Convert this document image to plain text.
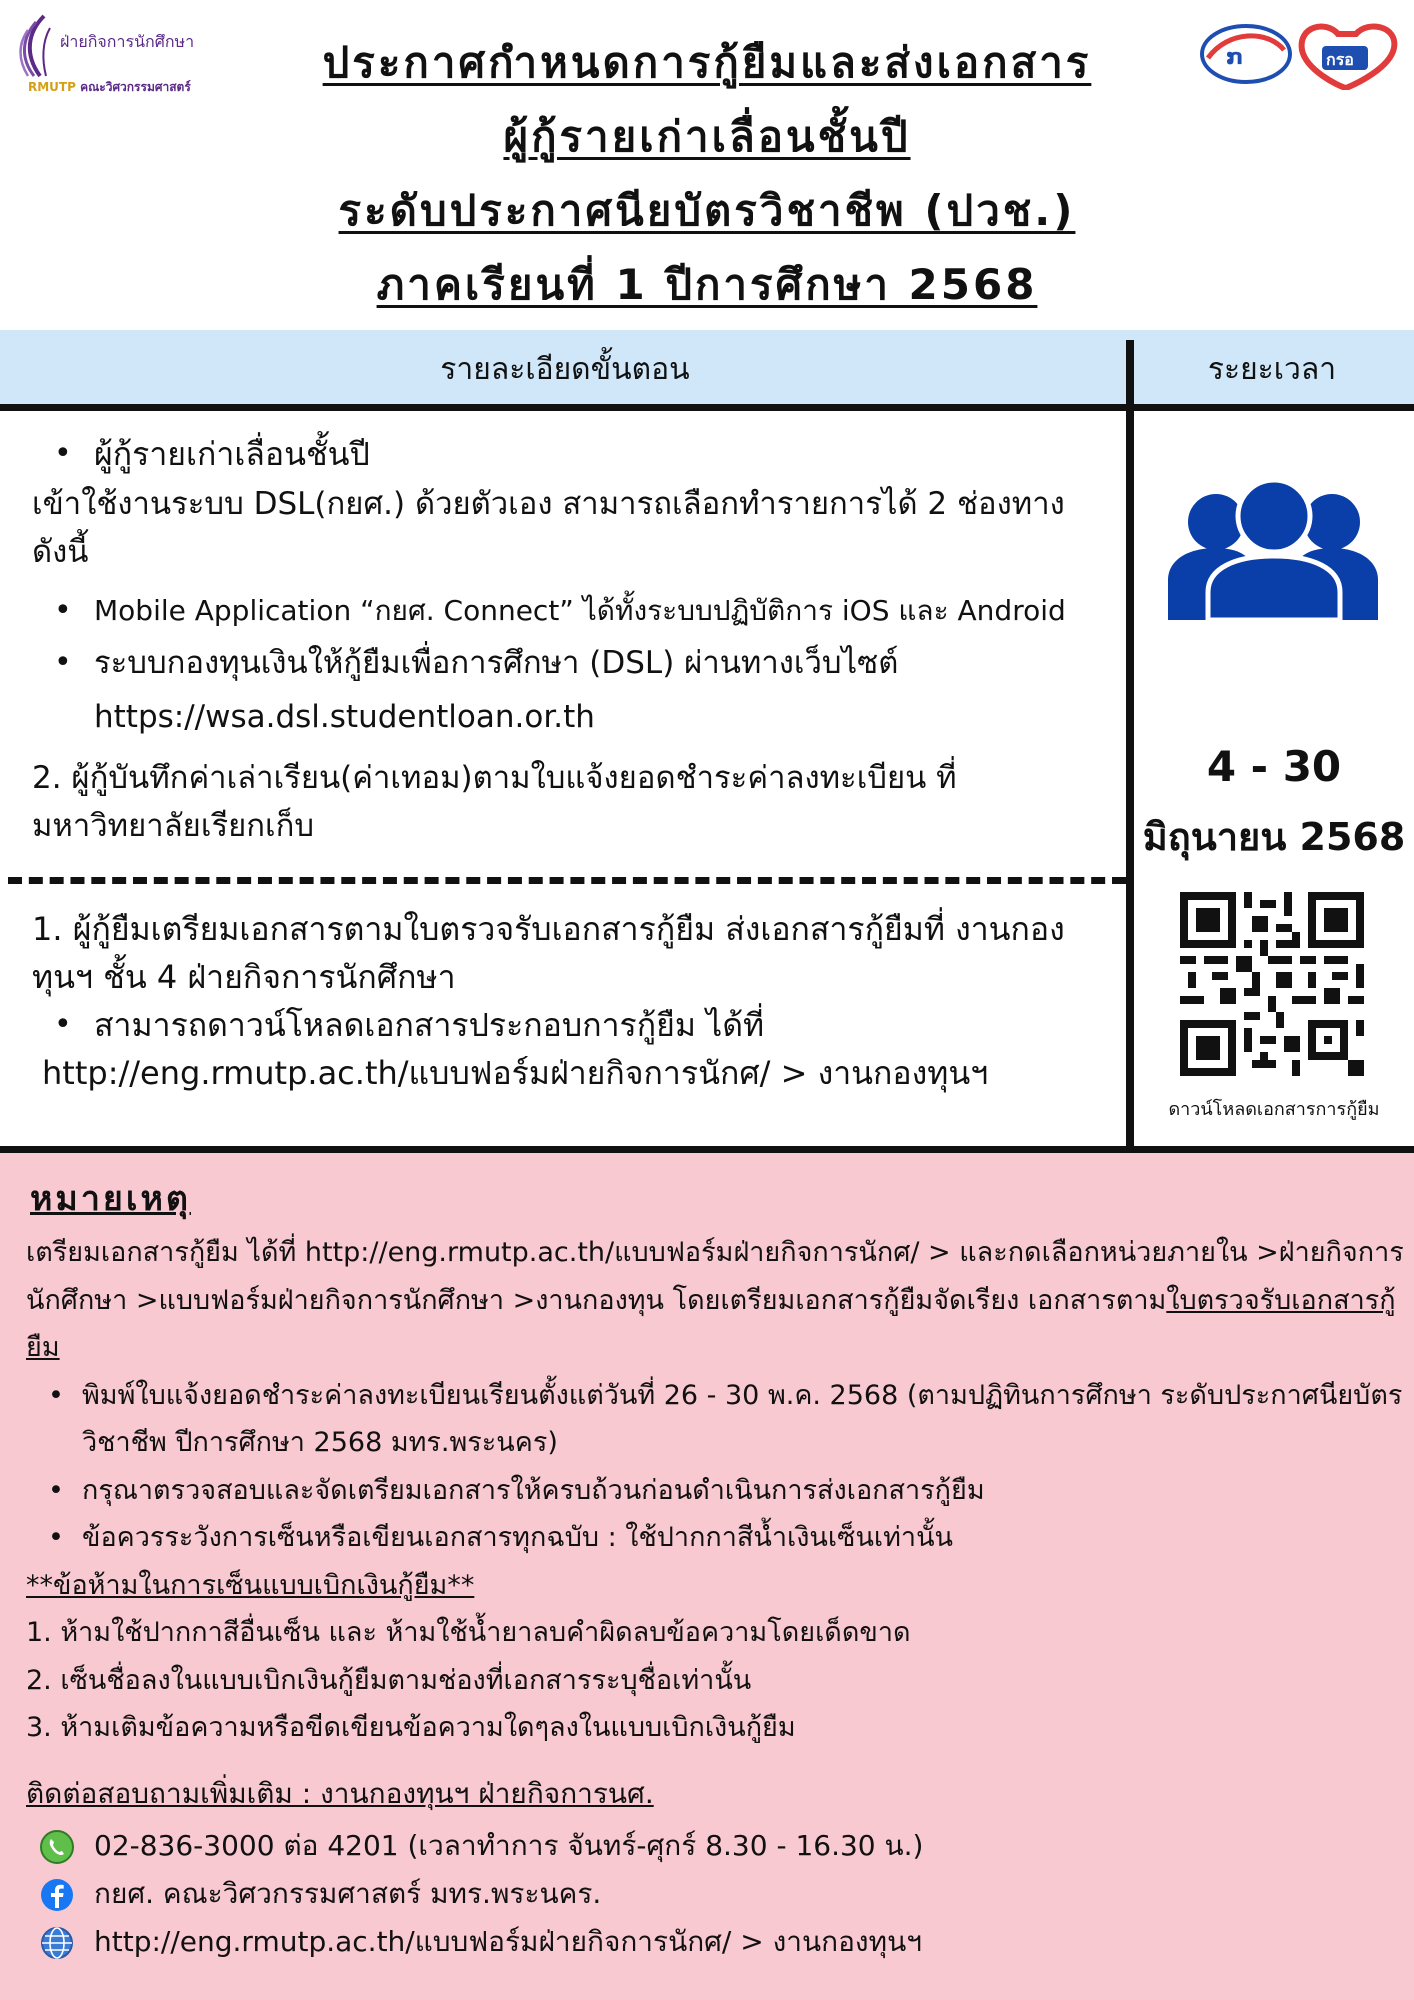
ฝ่ายกิจการนักศึกษา
RMUTP คณะวิศวกรรมศาสตร์	ประกาศกำหนดการกู้ยืมและส่งเอกสาร
ผู้กู้รายเก่าเลื่อนชั้นปี
ระดับประกาศนียบัตรวิชาชีพ (ปวช.)
ภาคเรียนที่ 1 ปีการศึกษา 2568
ກ	กรอ
รายละเอียดขั้นตอน	ระยะเวลา
• ผู้กู้รายเก่าเลื่อนชั้นปี

เข้าใช้งานระบบ DSL(กยศ.) ด้วยตัวเอง สามารถเลือกทำรายการได้ 2 ช่องทาง ดังนี้

• Mobile Application “กยศ. Connect” ได้ทั้งระบบปฏิบัติการ iOS และ Android
• ระบบกองทุนเงินให้กู้ยืมเพื่อการศึกษา (DSL) ผ่านทางเว็บไซต์
https://wsa.dsl.studentloan.or.th

2. ผู้กู้บันทึกค่าเล่าเรียน(ค่าเทอม)ตามใบแจ้งยอดชำระค่าลงทะเบียน ที่มหาวิทยาลัยเรียกเก็บ

1. ผู้กู้ยืมเตรียมเอกสารตามใบตรวจรับเอกสารกู้ยืม ส่งเอกสารกู้ยืมที่ งานกองทุนฯ ชั้น 4 ฝ่ายกิจการนักศึกษา

• สามารถดาวน์โหลดเอกสารประกอบการกู้ยืม ได้ที่
http://eng.rmutp.ac.th/แบบฟอร์มฝ่ายกิจการนักศ/ > งานกองทุนฯ
4 - 30
มิถุนายน 2568
ดาวน์โหลดเอกสารการกู้ยืม
หมายเหตุ
เตรียมเอกสารกู้ยืม ได้ที่ http://eng.rmutp.ac.th/แบบฟอร์มฝ่ายกิจการนักศ/ > และกดเลือกหน่วยภายใน >ฝ่ายกิจการนักศึกษา >แบบฟอร์มฝ่ายกิจการนักศึกษา >งานกองทุน โดยเตรียมเอกสารกู้ยืมจัดเรียง เอกสารตามใบตรวจรับเอกสารกู้ยืม
• พิมพ์ใบแจ้งยอดชำระค่าลงทะเบียนเรียนตั้งแต่วันที่ 26 - 30 พ.ค. 2568 (ตามปฏิทินการศึกษา ระดับประกาศนียบัตรวิชาชีพ ปีการศึกษา 2568 มทร.พระนคร)
• กรุณาตรวจสอบและจัดเตรียมเอกสารให้ครบถ้วนก่อนดำเนินการส่งเอกสารกู้ยืม
• ข้อควรระวังการเซ็นหรือเขียนเอกสารทุกฉบับ : ใช้ปากกาสีน้ำเงินเซ็นเท่านั้น
**ข้อห้ามในการเซ็นแบบเบิกเงินกู้ยืม**
1. ห้ามใช้ปากกาสีอื่นเซ็น และ ห้ามใช้น้ำยาลบคำผิดลบข้อความโดยเด็ดขาด
2. เซ็นชื่อลงในแบบเบิกเงินกู้ยืมตามช่องที่เอกสารระบุชื่อเท่านั้น
3. ห้ามเติมข้อความหรือขีดเขียนข้อความใดๆลงในแบบเบิกเงินกู้ยืม
ติดต่อสอบถามเพิ่มเติม : งานกองทุนฯ ฝ่ายกิจการนศ.
02-836-3000 ต่อ 4201 (เวลาทำการ จันทร์-ศุกร์ 8.30 - 16.30 น.)
กยศ. คณะวิศวกรรมศาสตร์ มทร.พระนคร.
http://eng.rmutp.ac.th/แบบฟอร์มฝ่ายกิจการนักศ/ > งานกองทุนฯ
